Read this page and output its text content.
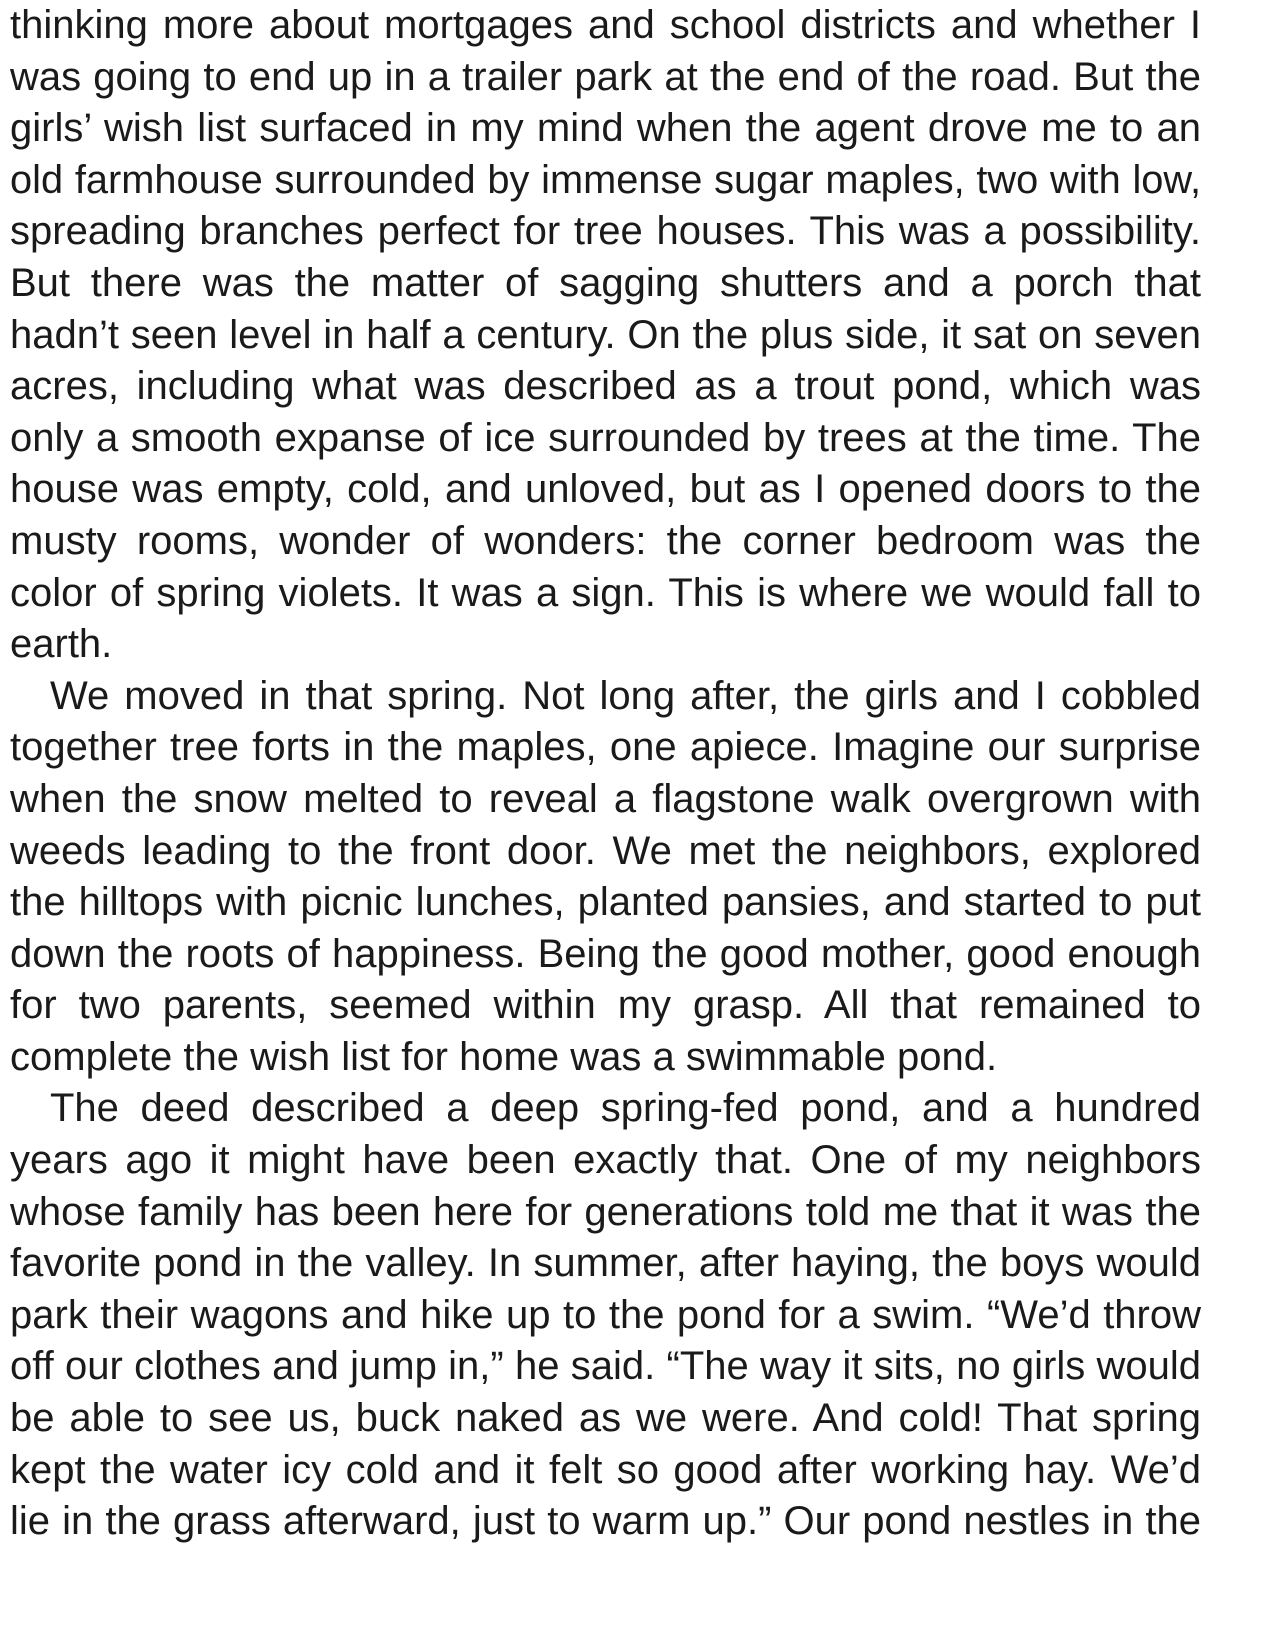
thinking more about mortgages and school districts and whether I
was going to end up in a trailer park at the end of the road. But the
girls’ wish list surfaced in my mind when the agent drove me to an
old farmhouse surrounded by immense sugar maples, two with low,
spreading branches perfect for tree houses. This was a possibility.
But there was the matter of sagging shutters and a porch that
hadn’t seen level in half a century. On the plus side, it sat on seven
acres, including what was described as a trout pond, which was
only a smooth expanse of ice surrounded by trees at the time. The
house was empty, cold, and unloved, but as I opened doors to the
musty rooms, wonder of wonders: the corner bedroom was the
color of spring violets. It was a sign. This is where we would fall to
earth.
We moved in that spring. Not long after, the girls and I cobbled
together tree forts in the maples, one apiece. Imagine our surprise
when the snow melted to reveal a flagstone walk overgrown with
weeds leading to the front door. We met the neighbors, explored
the hilltops with picnic lunches, planted pansies, and started to put
down the roots of happiness. Being the good mother, good enough
for two parents, seemed within my grasp. All that remained to
complete the wish list for home was a swimmable pond.
The deed described a deep spring-fed pond, and a hundred
years ago it might have been exactly that. One of my neighbors
whose family has been here for generations told me that it was the
favorite pond in the valley. In summer, after haying, the boys would
park their wagons and hike up to the pond for a swim. “We’d throw
off our clothes and jump in,” he said. “The way it sits, no girls would
be able to see us, buck naked as we were. And cold! That spring
kept the water icy cold and it felt so good after working hay. We’d
lie in the grass afterward, just to warm up.” Our pond nestles in the
